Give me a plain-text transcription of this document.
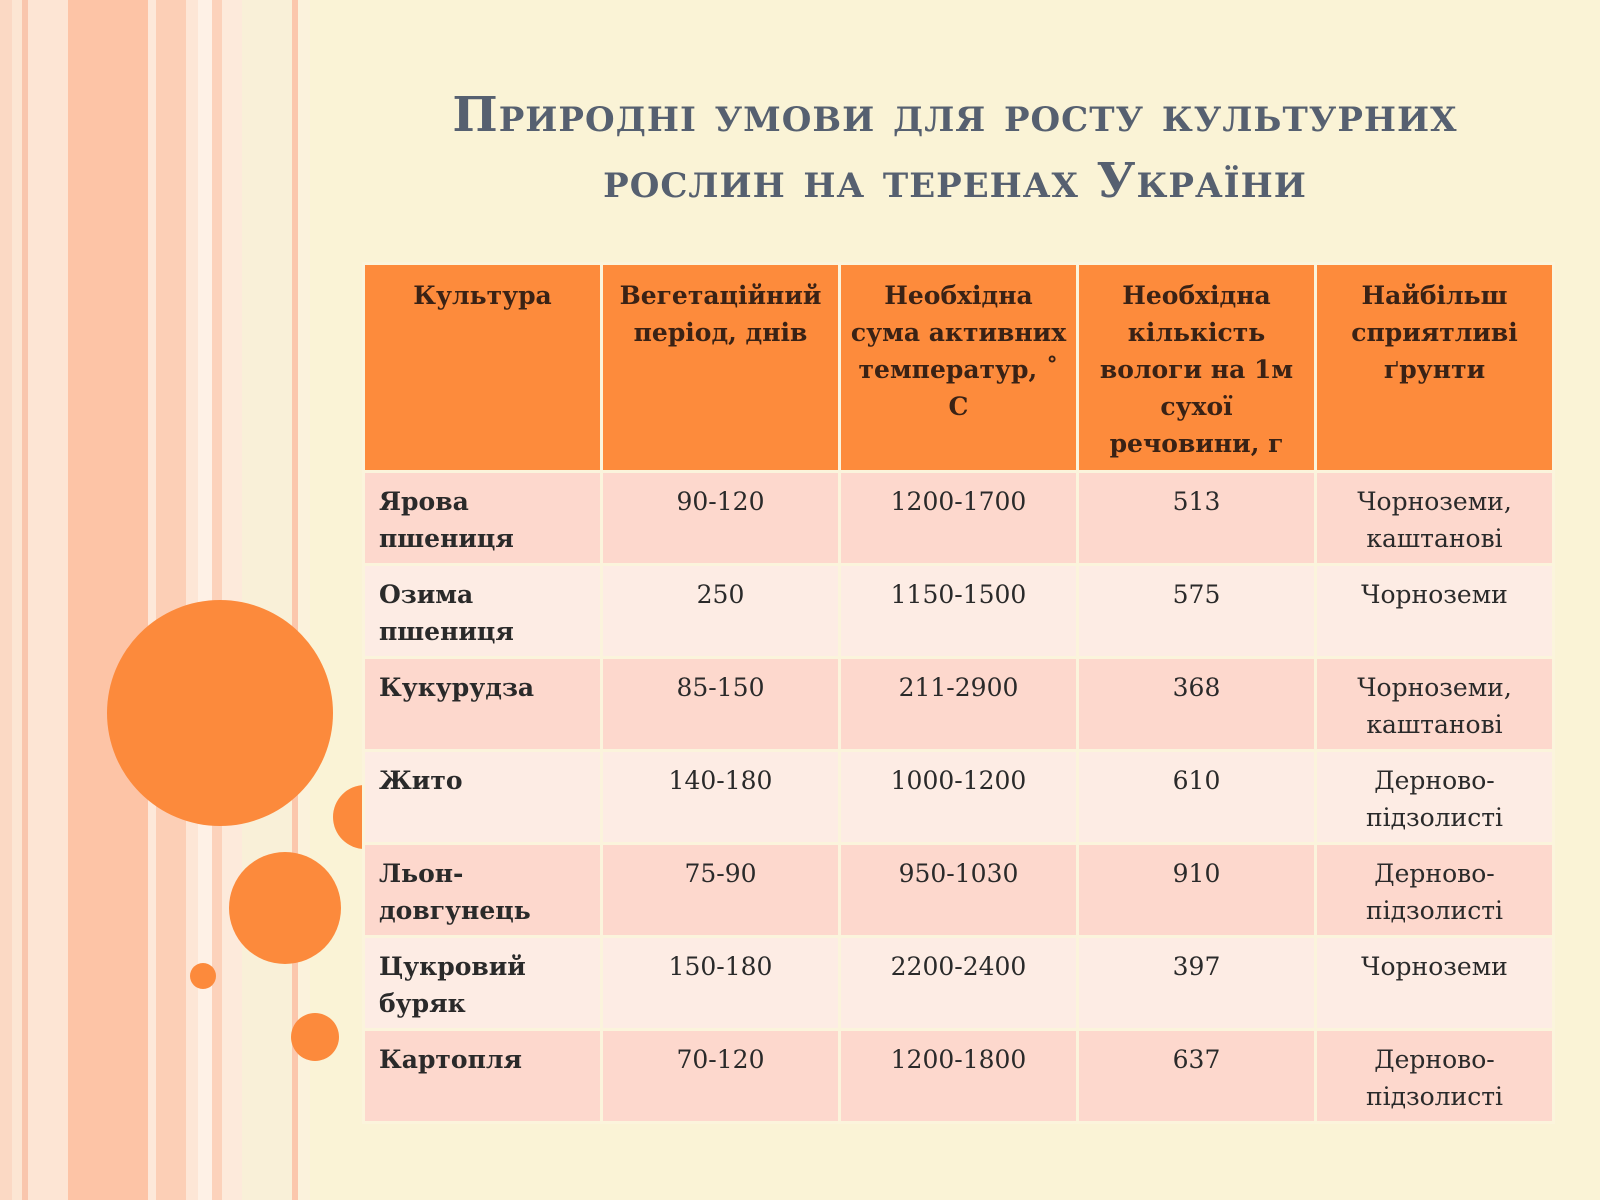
Природні умови для росту культурних
рослин на теренах України
Культура	Вегетаційний період, днів	Необхідна сума активних температур, ˚ С	Необхідна кількість вологи на 1м сухої речовини, г	Найбільш сприятливі ґрунти
Ярова пшениця	90-120	1200-1700	513	Чорноземи, каштанові
Озима пшениця	250	1150-1500	575	Чорноземи
Кукурудза	85-150	211-2900	368	Чорноземи, каштанові
Жито	140-180	1000-1200	610	Дерново-підзолисті
Льон-довгунець	75-90	950-1030	910	Дерново-підзолисті
Цукровий буряк	150-180	2200-2400	397	Чорноземи
Картопля	70-120	1200-1800	637	Дерново-підзолисті
